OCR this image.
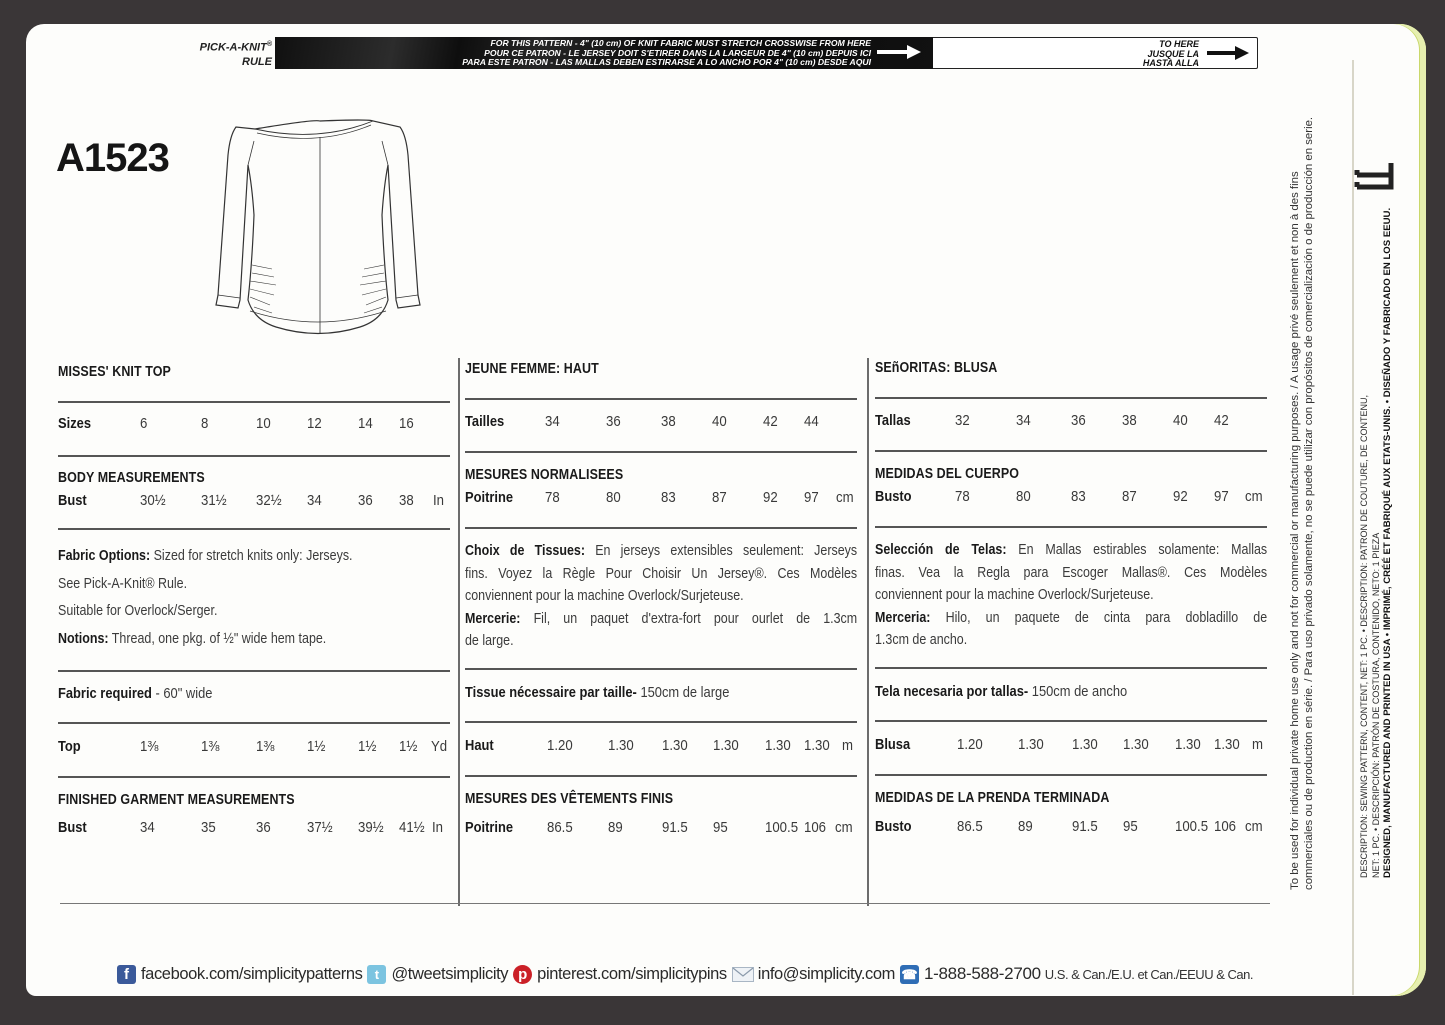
PICK-A-KNIT®
RULE
FOR THIS PATTERN - 4" (10 cm) OF KNIT FABRIC MUST STRETCH CROSSWISE FROM HERE
POUR CE PATRON - LE JERSEY DOIT S'ETIRER DANS LA LARGEUR DE 4" (10 cm) DEPUIS ICI
PARA ESTE PATRON - LAS MALLAS DEBEN ESTIRARSE A LO ANCHO POR 4" (10 cm) DESDE AQUI
TO HERE
JUSQUE LA
HASTA ALLA
A1523
MISSES' KNIT TOP
Sizes	6	8	10 12 14 16
BODY MEASUREMENTS
Bust	30½ 31½ 32½ 34 36 38 In
Fabric Options: Sized for stretch knits only: Jerseys.
See Pick-A-Knit® Rule.
Suitable for Overlock/Serger.
Notions: Thread, one pkg. of ½" wide hem tape.
Fabric required - 60" wide
Top	1⅜	1⅜ 1⅜ 1½ 1½ 1½ Yd
FINISHED GARMENT MEASUREMENTS
Bust	34	35	36 37½ 39½ 41½ In
JEUNE FEMME: HAUT
Tailles	34	36	38 40 42 44
MESURES NORMALISEES
Poitrine 78	80	83 87 92 97 cm
Choix de Tissues: En jerseys extensibles seulement: Jerseys
fins. Voyez la Règle Pour Choisir Un Jersey®. Ces Modèles
conviennent pour la machine Overlock/Surjeteuse.
Mercerie: Fil, un paquet d'extra-fort pour ourlet de 1.3cm
de large.
Tissue nécessaire par taille- 150cm de large
Haut	1.20 1.30 1.30 1.30 1.30 1.30 m
MESURES DES VÊTEMENTS FINIS
Poitrine 86.5 89	91.5 95 100.5 106 cm
SEñORITAS: BLUSA
Tallas	32	34	36 38 40 42
MEDIDAS DEL CUERPO
Busto	78	80	83 87 92 97 cm
Selección de Telas: En Mallas estirables solamente: Mallas
finas. Vea la Regla para Escoger Mallas®. Ces Modèles
conviennent pour la machine Overlock/Surjeteuse.
Merceria: Hilo, un paquete de cinta para dobladillo de
1.3cm de ancho.
Tela necesaria por tallas- 150cm de ancho
Blusa	1.20 1.30 1.30 1.30 1.30 1.30 m
MEDIDAS DE LA PRENDA TERMINADA
Busto	86.5 89	91.5 95 100.5 106 cm
f facebook.com/simplicitypatterns t @tweetsimplicity p pinterest.com/simplicitypins info@simplicity.com ☎ 1-888-588-2700 U.S. & Can./E.U. et Can./EEUU & Can.
To be used for individual private home use only and not for commercial or manufacturing purposes. / A usage privé seulement et non à des fins commerciales ou de production en série. / Para uso privado solamente, no se puede utilizar con propósitos de comercialización o de producción en serie.	DESCRIPTION: SEWING PATTERN, CONTENT, NET: 1 PC. • DESCRIPTION: PATRON DE COUTURE, DE CONTENU, NET: 1 PC. • DESCRIPCIÓN: PATRÓN DE COSTURA, CONTENIDO, NETO: 1 PIEZA DESIGNED, MANUFACTURED AND PRINTED IN USA • IMPRIMÉ, CRÉÉ ET FABRIQUÉ AUX ETATS-UNIS. • DISEÑADO Y FABRICADO EN LOS EEUU.
